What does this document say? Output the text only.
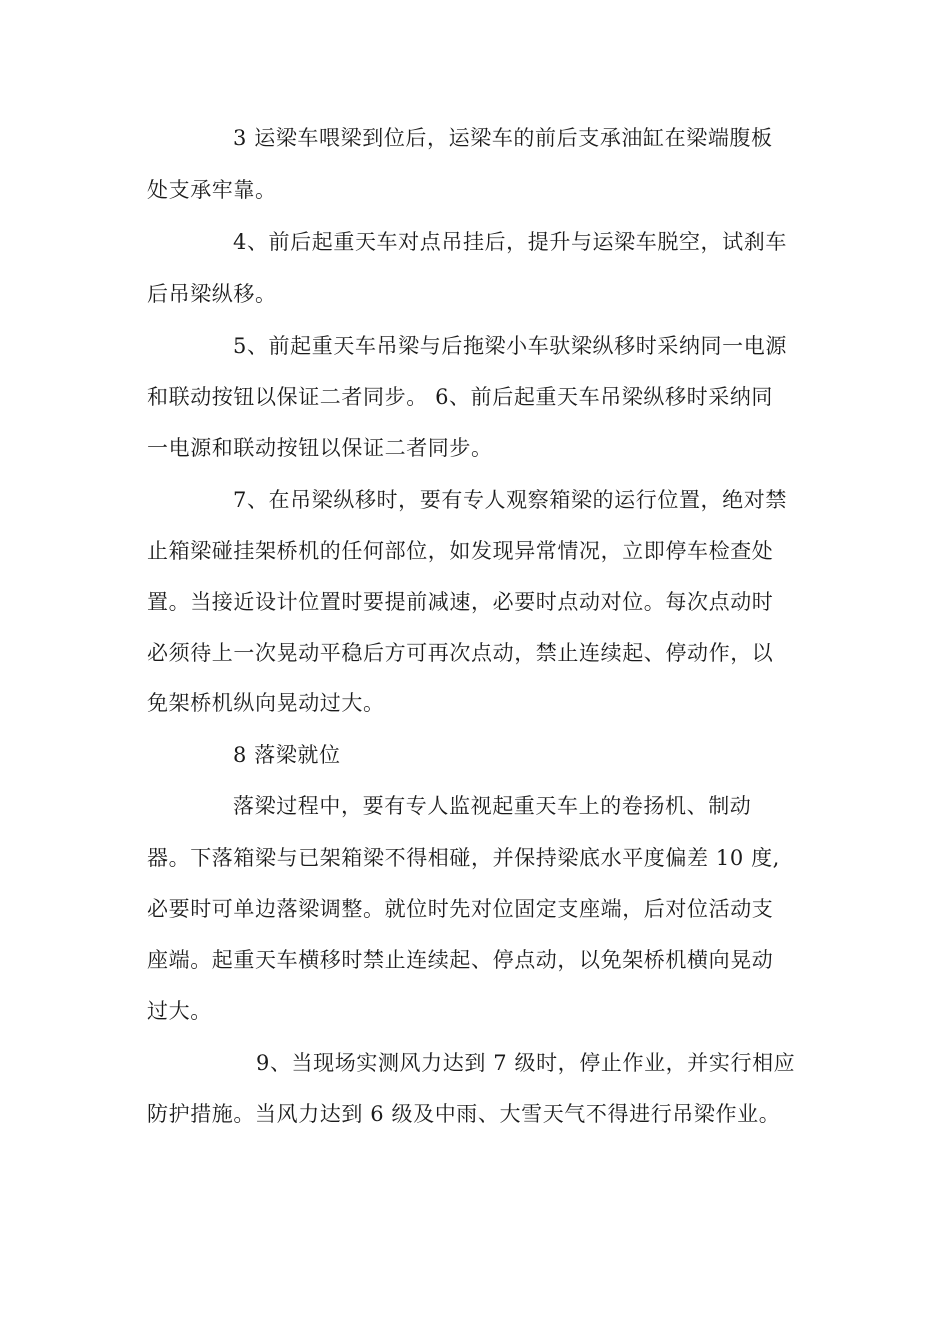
3 运梁车喂梁到位后，运梁车的前后支承油缸在梁端腹板
处支承牢靠。
4、前后起重天车对点吊挂后，提升与运梁车脱空，试刹车
后吊梁纵移。
5、前起重天车吊梁与后拖梁小车驮梁纵移时采纳同一电源
和联动按钮以保证二者同步。 6、前后起重天车吊梁纵移时采纳同
一电源和联动按钮以保证二者同步。
7、在吊梁纵移时，要有专人观察箱梁的运行位置，绝对禁
止箱梁碰挂架桥机的任何部位，如发现异常情况，立即停车检查处
置。当接近设计位置时要提前减速，必要时点动对位。每次点动时
必须待上一次晃动平稳后方可再次点动，禁止连续起、停动作，以
免架桥机纵向晃动过大。
8 落梁就位
落梁过程中，要有专人监视起重天车上的卷扬机、制动
器。下落箱梁与已架箱梁不得相碰，并保持梁底水平度偏差 10 度,
必要时可单边落梁调整。就位时先对位固定支座端，后对位活动支
座端。起重天车横移时禁止连续起、停点动，以免架桥机横向晃动
过大。
9、当现场实测风力达到 7 级时，停止作业，并实行相应
防护措施。当风力达到 6 级及中雨、大雪天气不得进行吊梁作业。
